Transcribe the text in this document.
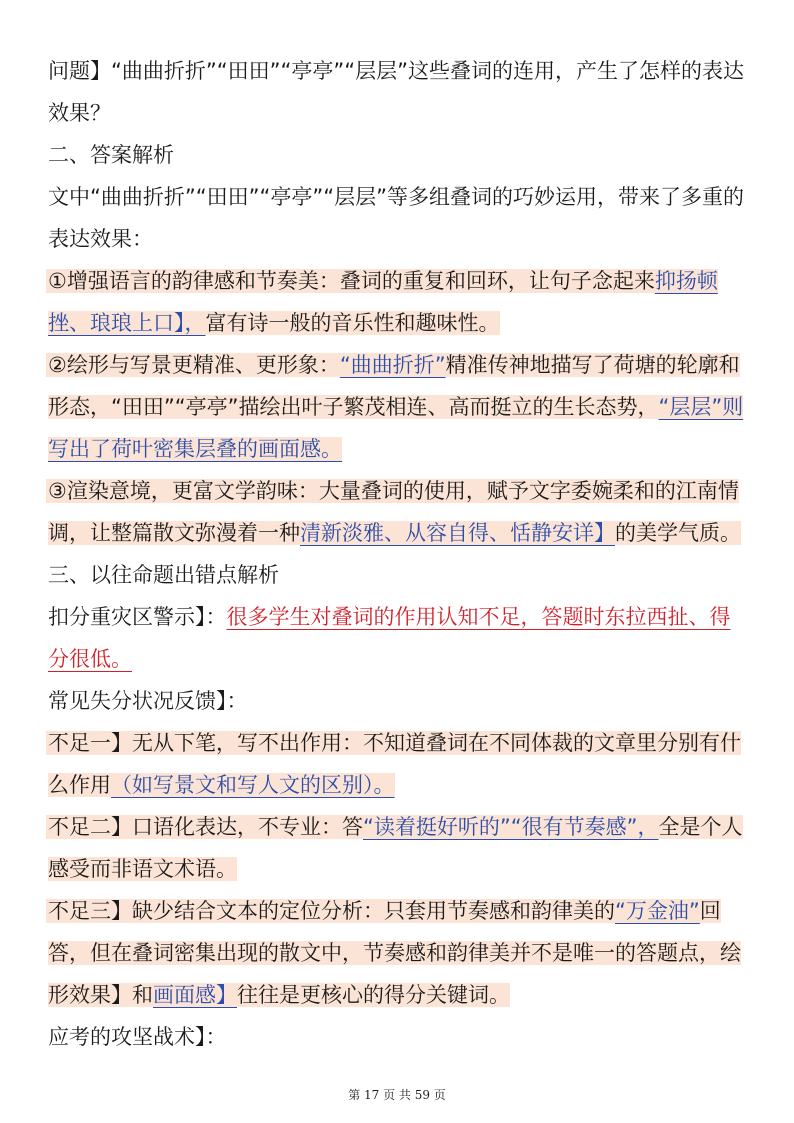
问题】“曲曲折折”“田田”“亭亭”“层层”这些叠词的连用，产生了怎样的表达效果？

二、答案解析

文中“曲曲折折”“田田”“亭亭”“层层”等多组叠词的巧妙运用，带来了多重的表达效果：

①增强语言的韵律感和节奏美：叠词的重复和回环，让句子念起来抑扬顿挫、琅琅上口】，富有诗一般的音乐性和趣味性。

②绘形与写景更精准、更形象：“曲曲折折”精准传神地描写了荷塘的轮廓和形态，“田田”“亭亭”描绘出叶子繁茂相连、高而挺立的生长态势，“层层”则写出了荷叶密集层叠的画面感。

③渲染意境，更富文学韵味：大量叠词的使用，赋予文字委婉柔和的江南情调，让整篇散文弥漫着一种清新淡雅、从容自得、恬静安详】的美学气质。

三、以往命题出错点解析

扣分重灾区警示】：很多学生对叠词的作用认知不足，答题时东拉西扯、得分很低。

常见失分状况反馈】：

不足一】无从下笔，写不出作用：不知道叠词在不同体裁的文章里分别有什么作用（如写景文和写人文的区别）。

不足二】口语化表达，不专业：答“读着挺好听的”“很有节奏感”，全是个人感受而非语文术语。

不足三】缺少结合文本的定位分析：只套用节奏感和韵律美的“万金油”回答，但在叠词密集出现的散文中，节奏感和韵律美并不是唯一的答题点，绘形效果】和画面感】往往是更核心的得分关键词。

应考的攻坚战术】：

第 17 页 共 59 页
